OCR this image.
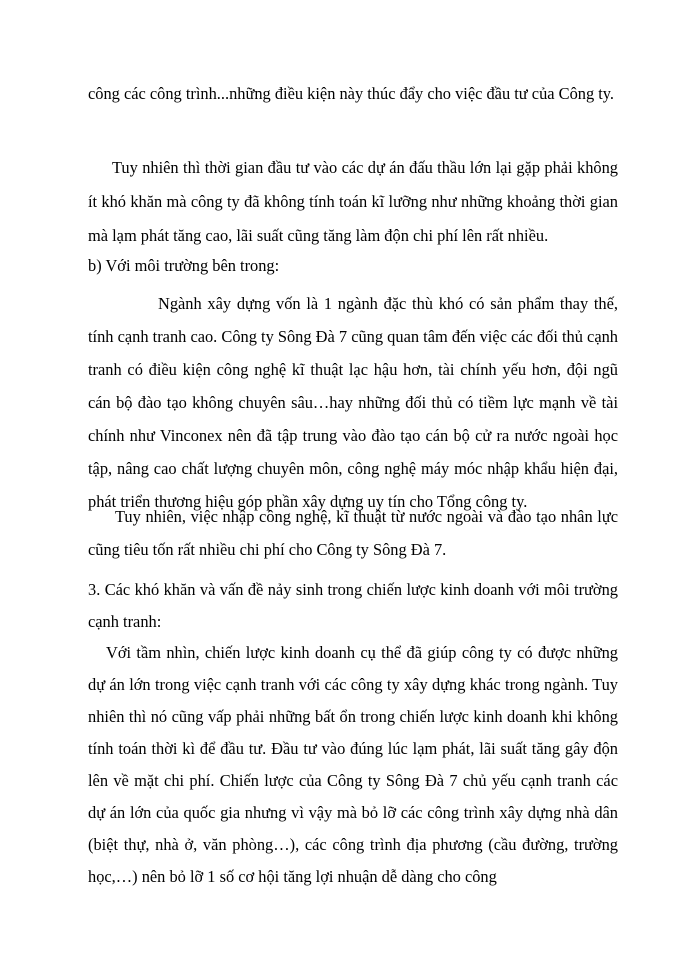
công các công trình...những điều kiện này thúc đẩy cho việc đầu tư của Công ty.

Tuy nhiên thì thời gian đầu tư vào các dự án đấu thầu lớn lại gặp phải không ít khó khăn mà công ty đã không tính toán kĩ lưỡng như những khoảng thời gian mà lạm phát tăng cao, lãi suất cũng tăng làm độn chi phí lên rất nhiều.

b) Với môi trường bên trong:

Ngành xây dựng vốn là 1 ngành đặc thù khó có sản phẩm thay thế, tính cạnh tranh cao. Công ty Sông Đà 7 cũng quan tâm đến việc các đối thủ cạnh tranh có điều kiện công nghệ kĩ thuật lạc hậu hơn, tài chính yếu hơn, đội ngũ cán bộ đào tạo không chuyên sâu…hay những đối thủ có tiềm lực mạnh về tài chính như Vinconex nên đã tập trung vào đào tạo cán bộ cử ra nước ngoài học tập, nâng cao chất lượng chuyên môn, công nghệ máy móc nhập khẩu hiện đại, phát triển thương hiệu góp phần xây dựng uy tín cho Tổng công ty.

Tuy nhiên, việc nhập công nghệ, kĩ thuật từ nước ngoài và đào tạo nhân lực cũng tiêu tốn rất nhiều chi phí cho Công ty Sông Đà 7.

3. Các khó khăn và vấn đề nảy sinh trong chiến lược kinh doanh với môi trường cạnh tranh:

Với tầm nhìn, chiến lược kinh doanh cụ thể đã giúp công ty có được những dự án lớn trong việc cạnh tranh với các công ty xây dựng khác trong ngành. Tuy nhiên thì nó cũng vấp phải những bất ổn trong chiến lược kinh doanh khi không tính toán thời kì để đầu tư. Đầu tư vào đúng lúc lạm phát, lãi suất tăng gây độn lên về mặt chi phí. Chiến lược của Công ty Sông Đà 7 chủ yếu cạnh tranh các dự án lớn của quốc gia nhưng vì vậy mà bỏ lỡ các công trình xây dựng nhà dân (biệt thự, nhà ở, văn phòng…), các công trình địa phương (cầu đường, trường học,…) nên bỏ lỡ 1 số cơ hội tăng lợi nhuận dễ dàng cho công
